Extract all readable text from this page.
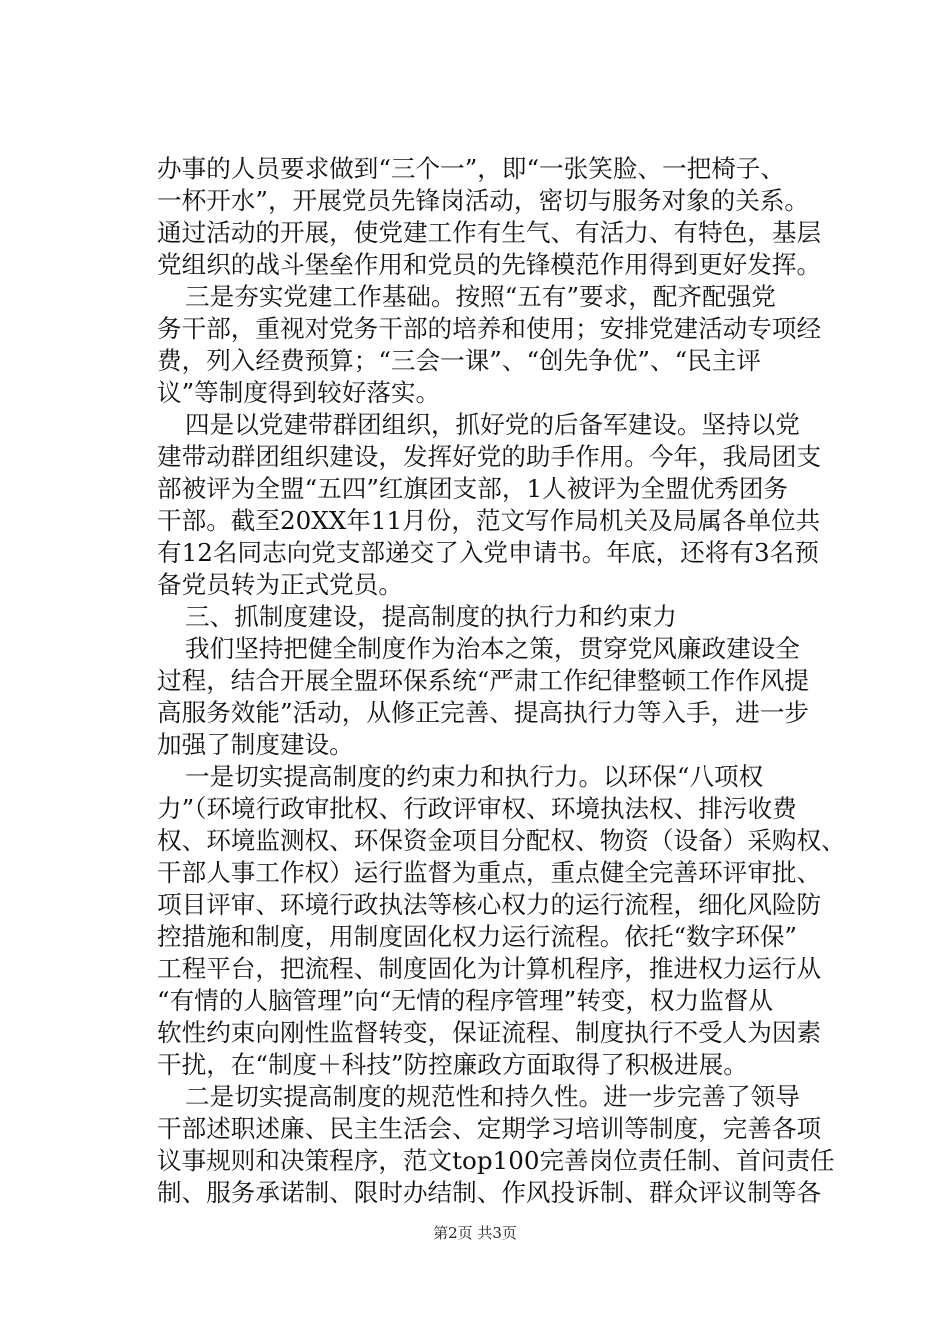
办事的人员要求做到“三个一”，即“一张笑脸、一把椅子、
一杯开水”，开展党员先锋岗活动，密切与服务对象的关系。
通过活动的开展，使党建工作有生气、有活力、有特色，基层
党组织的战斗堡垒作用和党员的先锋模范作用得到更好发挥。
三是夯实党建工作基础。按照“五有”要求，配齐配强党
务干部，重视对党务干部的培养和使用；安排党建活动专项经
费，列入经费预算；“三会一课”、“创先争优”、“民主评
议”等制度得到较好落实。
四是以党建带群团组织，抓好党的后备军建设。坚持以党
建带动群团组织建设，发挥好党的助手作用。今年，我局团支
部被评为全盟“五四”红旗团支部，1人被评为全盟优秀团务
干部。截至20XX年11月份，范文写作局机关及局属各单位共
有12名同志向党支部递交了入党申请书。年底，还将有3名预
备党员转为正式党员。
三、抓制度建设，提高制度的执行力和约束力
我们坚持把健全制度作为治本之策，贯穿党风廉政建设全
过程，结合开展全盟环保系统“严肃工作纪律整顿工作作风提
高服务效能”活动，从修正完善、提高执行力等入手，进一步
加强了制度建设。
一是切实提高制度的约束力和执行力。以环保“八项权
力”（环境行政审批权、行政评审权、环境执法权、排污收费
权、环境监测权、环保资金项目分配权、物资（设备）采购权、
干部人事工作权）运行监督为重点，重点健全完善环评审批、
项目评审、环境行政执法等核心权力的运行流程，细化风险防
控措施和制度，用制度固化权力运行流程。依托“数字环保”
工程平台，把流程、制度固化为计算机程序，推进权力运行从
“有情的人脑管理”向“无情的程序管理”转变，权力监督从
软性约束向刚性监督转变，保证流程、制度执行不受人为因素
干扰，在“制度＋科技”防控廉政方面取得了积极进展。
二是切实提高制度的规范性和持久性。进一步完善了领导
干部述职述廉、民主生活会、定期学习培训等制度，完善各项
议事规则和决策程序，范文top100完善岗位责任制、首问责任
制、服务承诺制、限时办结制、作风投诉制、群众评议制等各
第2页 共3页
